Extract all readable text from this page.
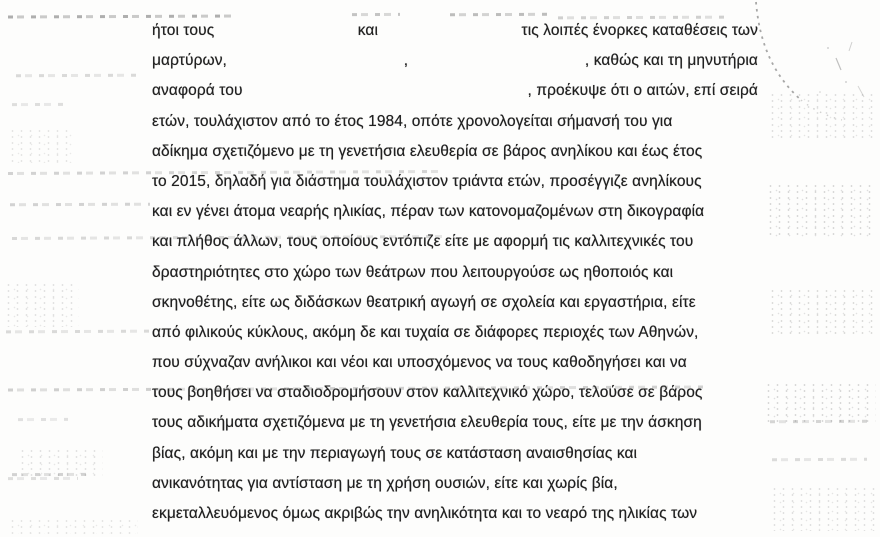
ήτοι τους	και	τις λοιπές ένορκες καταθέσεις των
μαρτύρων,	,	, καθώς και τη μηνυτήρια
αναφορά του	, προέκυψε ότι ο αιτών, επί σειρά
ετών, τουλάχιστον από το έτος 1984, οπότε χρονολογείται σήμανσή του για
αδίκημα σχετιζόμενο με τη γενετήσια ελευθερία σε βάρος ανηλίκου και έως έτος
το 2015, δηλαδή για διάστημα τουλάχιστον τριάντα ετών, προσέγγιζε ανηλίκους
και εν γένει άτομα νεαρής ηλικίας, πέραν των κατονομαζομένων στη δικογραφία
και πλήθος άλλων, τους οποίους εντόπιζε είτε με αφορμή τις καλλιτεχνικές του
δραστηριότητες στο χώρο των θεάτρων που λειτουργούσε ως ηθοποιός και
σκηνοθέτης, είτε ως διδάσκων θεατρική αγωγή σε σχολεία και εργαστήρια, είτε
από φιλικούς κύκλους, ακόμη δε και τυχαία σε διάφορες περιοχές των Αθηνών,
που σύχναζαν ανήλικοι και νέοι και υποσχόμενος να τους καθοδηγήσει και να
τους βοηθήσει να σταδιοδρομήσουν στον καλλιτεχνικό χώρο, τελούσε σε βάρος
τους αδικήματα σχετιζόμενα με τη γενετήσια ελευθερία τους, είτε με την άσκηση
βίας, ακόμη και με την περιαγωγή τους σε κατάσταση αναισθησίας και
ανικανότητας για αντίσταση με τη χρήση ουσιών, είτε και χωρίς βία,
εκμεταλλευόμενος όμως ακριβώς την ανηλικότητα και το νεαρό της ηλικίας των
